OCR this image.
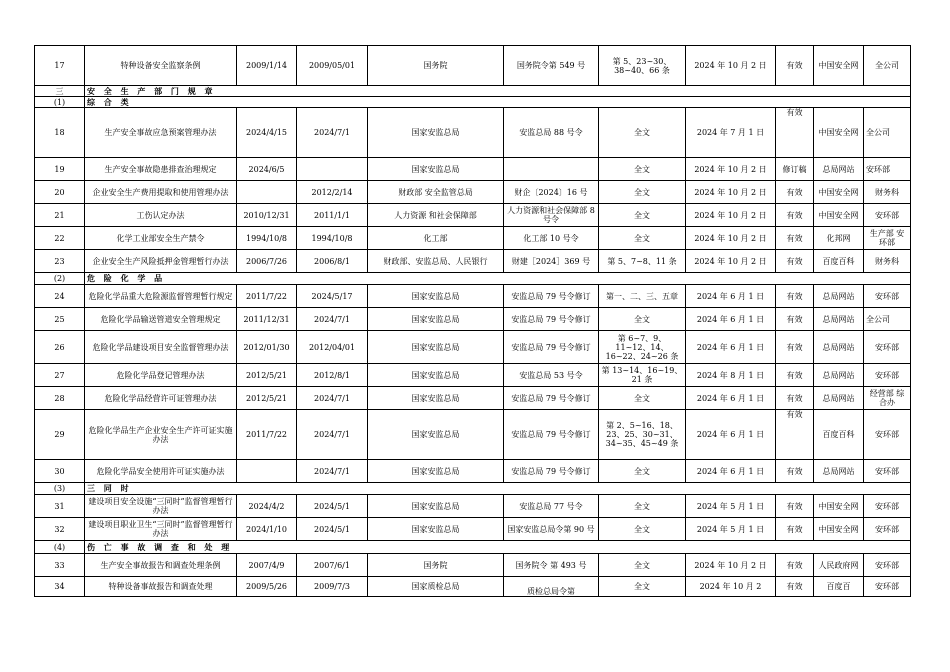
17	特种设备安全监察条例	2009/1/14	2009/05/01	国务院	国务院令第 549 号	第 5、23~30、38~40、66 条	2024 年 10 月 2 日	有效	中国安全网	全公司
三	安 全 生 产 部 门 规 章									
(1)	综 合 类									
18	生产安全事故应急预案管理办法	2024/4/15	2024/7/1	国家安监总局	安监总局 88 号令	全文	2024 年 7 月 1 日	有效	中国安全网	全公司
19	生产安全事故隐患排查治理规定	2024/6/5		国家安监总局		全文	2024 年 10 月 2 日	修订稿	总局网站	安环部
20	企业安全生产费用提取和使用管理办法		2012/2/14	财政部 安全监管总局	财企〔2024〕16 号	全文	2024 年 10 月 2 日	有效	中国安全网	财务科
21	工伤认定办法	2010/12/31	2011/1/1	人力资源 和社会保障部	人力资源和社会保障部 8 号令	全文	2024 年 10 月 2 日	有效	中国安全网	安环部
22	化学工业部安全生产禁令	1994/10/8	1994/10/8	化工部	化工部 10 号令	全文	2024 年 10 月 2 日	有效	化邦网	生产部 安环部
23	企业安全生产风险抵押金管理暂行办法	2006/7/26	2006/8/1	财政部、安监总局、人民银行	财建［2024］369 号	第 5、7~8、11 条	2024 年 10 月 2 日	有效	百度百科	财务科
(2)	危 险 化 学 品									
24	危险化学品重大危险源监督管理暂行规定	2011/7/22	2024/5/17	国家安监总局	安监总局 79 号令修订	第一、二、三、五章	2024 年 6 月 1 日	有效	总局网站	安环部
25	危险化学品输送管道安全管理规定	2011/12/31	2024/7/1	国家安监总局	安监总局 79 号令修订	全文	2024 年 6 月 1 日	有效	总局网站	全公司
26	危险化学品建设项目安全监督管理办法	2012/01/30	2012/04/01	国家安监总局	安监总局 79 号令修订	第 6~7、9、11~12、14、16~22、24~26 条	2024 年 6 月 1 日	有效	总局网站	安环部
27	危险化学品登记管理办法	2012/5/21	2012/8/1	国家安监总局	安监总局 53 号令	第 13~14、16~19、21 条	2024 年 8 月 1 日	有效	总局网站	安环部
28	危险化学品经营许可证管理办法	2012/5/21	2024/7/1	国家安监总局	安监总局 79 号令修订	全文	2024 年 6 月 1 日	有效	总局网站	经营部 综合办
29	危险化学品生产企业安全生产许可证实施办法	2011/7/22	2024/7/1	国家安监总局	安监总局 79 号令修订	第 2、5~16、18、23、25、30~31、34~35、45~49 条	2024 年 6 月 1 日	有效	百度百科	安环部
30	危险化学品安全使用许可证实施办法		2024/7/1	国家安监总局	安监总局 79 号令修订	全文	2024 年 6 月 1 日	有效	总局网站	安环部
(3)	三 同 时									
31	建设项目安全设施“三同时”监督管理暂行办法	2024/4/2	2024/5/1	国家安监总局	安监总局 77 号令	全文	2024 年 5 月 1 日	有效	中国安全网	安环部
32	建设项目职业卫生“三同时”监督管理暂行办法	2024/1/10	2024/5/1	国家安监总局	国家安监总局令第 90 号	全文	2024 年 5 月 1 日	有效	中国安全网	安环部
(4)	伤 亡 事 故 调 查 和 处 理									
33	生产安全事故报告和调查处理条例	2007/4/9	2007/6/1	国务院	国务院令 第 493 号	全文	2024 年 10 月 2 日	有效	人民政府网	安环部
34	特种设备事故报告和调查处理	2009/5/26	2009/7/3	国家质检总局	质检总局令第	全文	2024 年 10 月 2	有效	百度百	安环部
